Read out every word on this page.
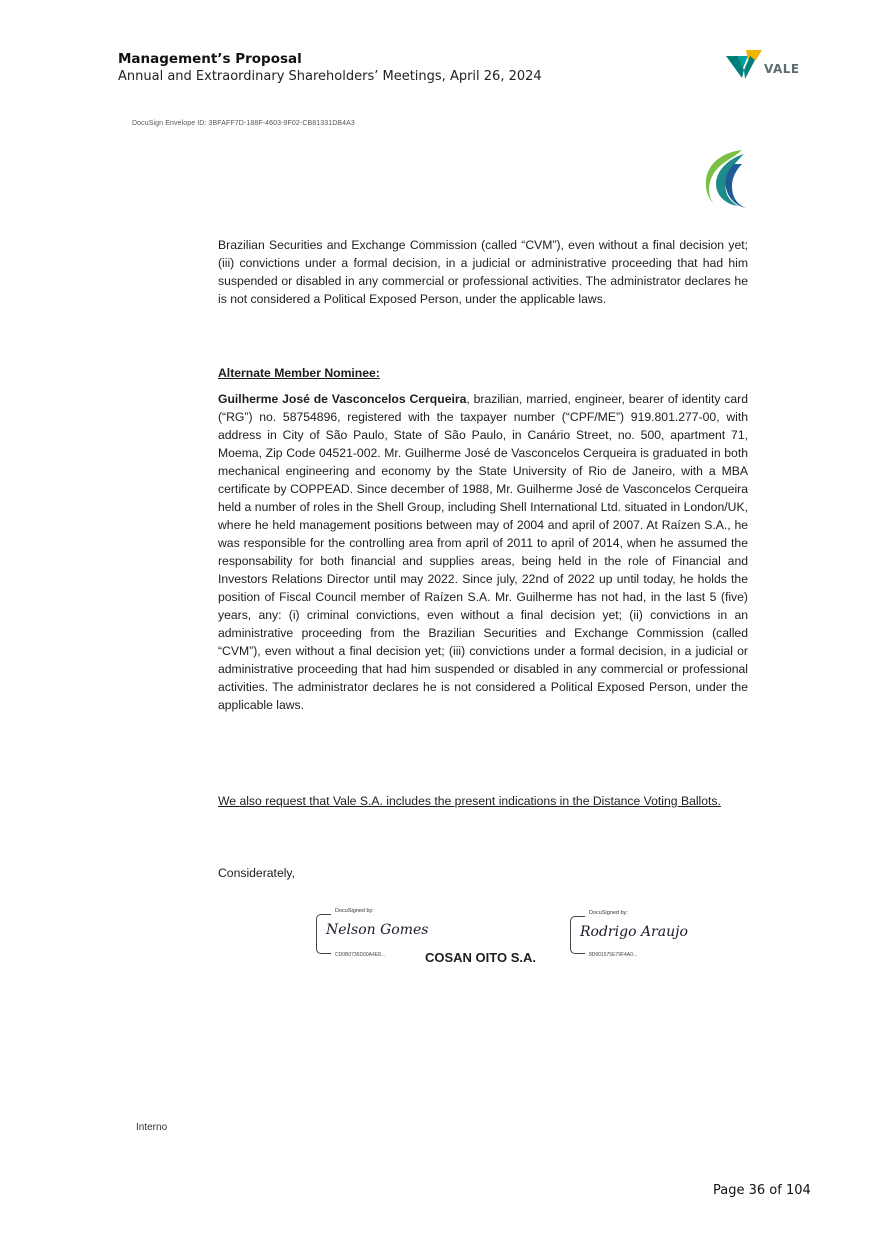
Management’s Proposal
Annual and Extraordinary Shareholders’ Meetings, April 26, 2024	VALE
DocuSign Envelope ID: 3BFAFF7D-188F-4603-9F02-CB81331DB4A3
Brazilian Securities and Exchange Commission (called “CVM”), even without a final decision yet; (iii) convictions under a formal decision, in a judicial or administrative proceeding that had him suspended or disabled in any commercial or professional activities. The administrator declares he is not considered a Political Exposed Person, under the applicable laws.
Alternate Member Nominee:
Guilherme José de Vasconcelos Cerqueira, brazilian, married, engineer, bearer of identity card (“RG”) no. 58754896, registered with the taxpayer number (“CPF/ME”) 919.801.277-00, with address in City of São Paulo, State of São Paulo, in Canário Street, no. 500, apartment 71, Moema, Zip Code 04521-002. Mr. Guilherme José de Vasconcelos Cerqueira is graduated in both mechanical engineering and economy by the State University of Rio de Janeiro, with a MBA certificate by COPPEAD. Since december of 1988, Mr. Guilherme José de Vasconcelos Cerqueira held a number of roles in the Shell Group, including Shell International Ltd. situated in London/UK, where he held management positions between may of 2004 and april of 2007. At Raízen S.A., he was responsible for the controlling area from april of 2011 to april of 2014, when he assumed the responsability for both financial and supplies areas, being held in the role of Financial and Investors Relations Director until may 2022. Since july, 22nd of 2022 up until today, he holds the position of Fiscal Council member of Raízen S.A. Mr. Guilherme has not had, in the last 5 (five) years, any: (i) criminal convictions, even without a final decision yet; (ii) convictions in an administrative proceeding from the Brazilian Securities and Exchange Commission (called “CVM”), even without a final decision yet; (iii) convictions under a formal decision, in a judicial or administrative proceeding that had him suspended or disabled in any commercial or professional activities. The administrator declares he is not considered a Political Exposed Person, under the applicable laws.
We also request that Vale S.A. includes the present indications in the Distance Voting Ballots.
Considerately,
DocuSigned by:
Nelson Gomes
CD0B0736D00A4E8...
DocuSigned by:
Rodrigo Araujo
8D901575E79F4A0...
COSAN OITO S.A.
Interno
Page 36 of 104
